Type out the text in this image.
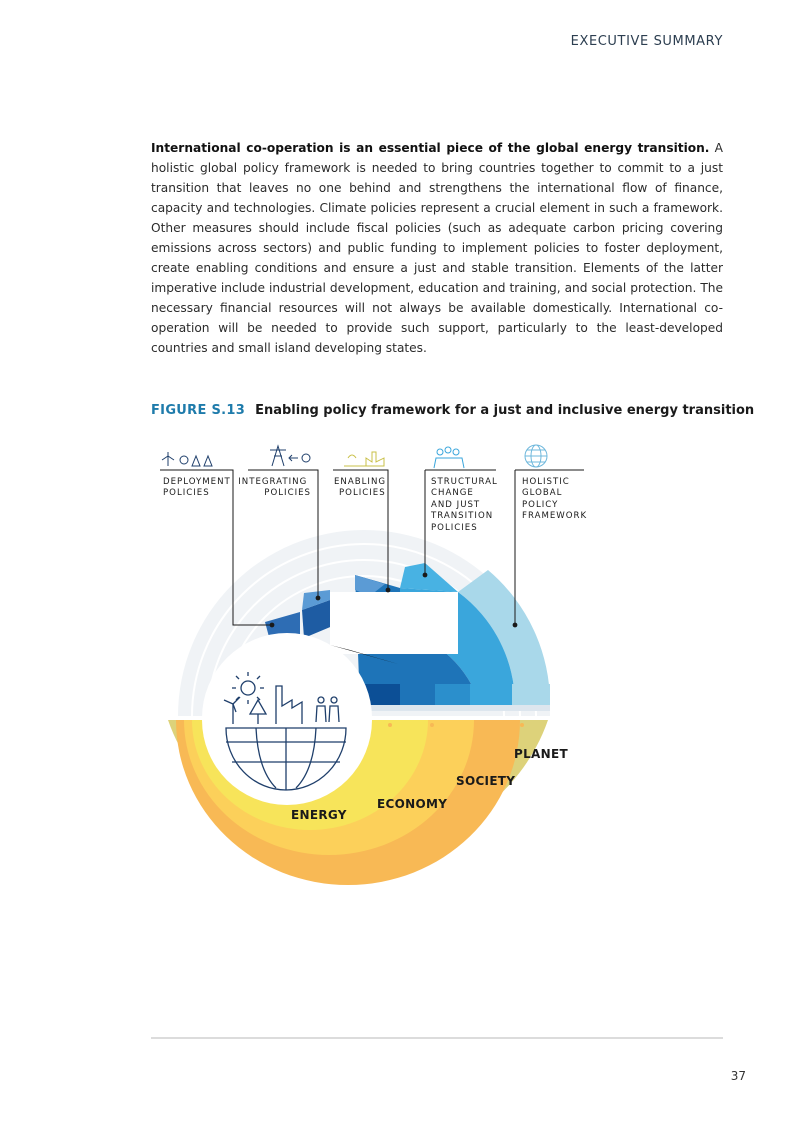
EXECUTIVE SUMMARY
International co-operation is an essential piece of the global energy transition. A holistic global policy framework is needed to bring countries together to commit to a just transition that leaves no one behind and strengthens the international flow of finance, capacity and technologies. Climate policies represent a crucial element in such a framework. Other measures should include fiscal policies (such as adequate carbon pricing covering emissions across sectors) and public funding to implement policies to foster deployment, create enabling conditions and ensure a just and stable transition. Elements of the latter imperative include industrial development, education and training, and social protection. The necessary financial resources will not always be available domestically. International co-operation will be needed to provide such support, particularly to the least-developed countries and small island developing states.
FIGURE S.13 Enabling policy framework for a just and inclusive energy transition
DEPLOYMENT POLICIES
INTEGRATING POLICIES
ENABLING POLICIES
STRUCTURAL CHANGE AND JUST TRANSITION POLICIES
HOLISTIC GLOBAL POLICY FRAMEWORK
ENERGY
ECONOMY
SOCIETY
PLANET
37
